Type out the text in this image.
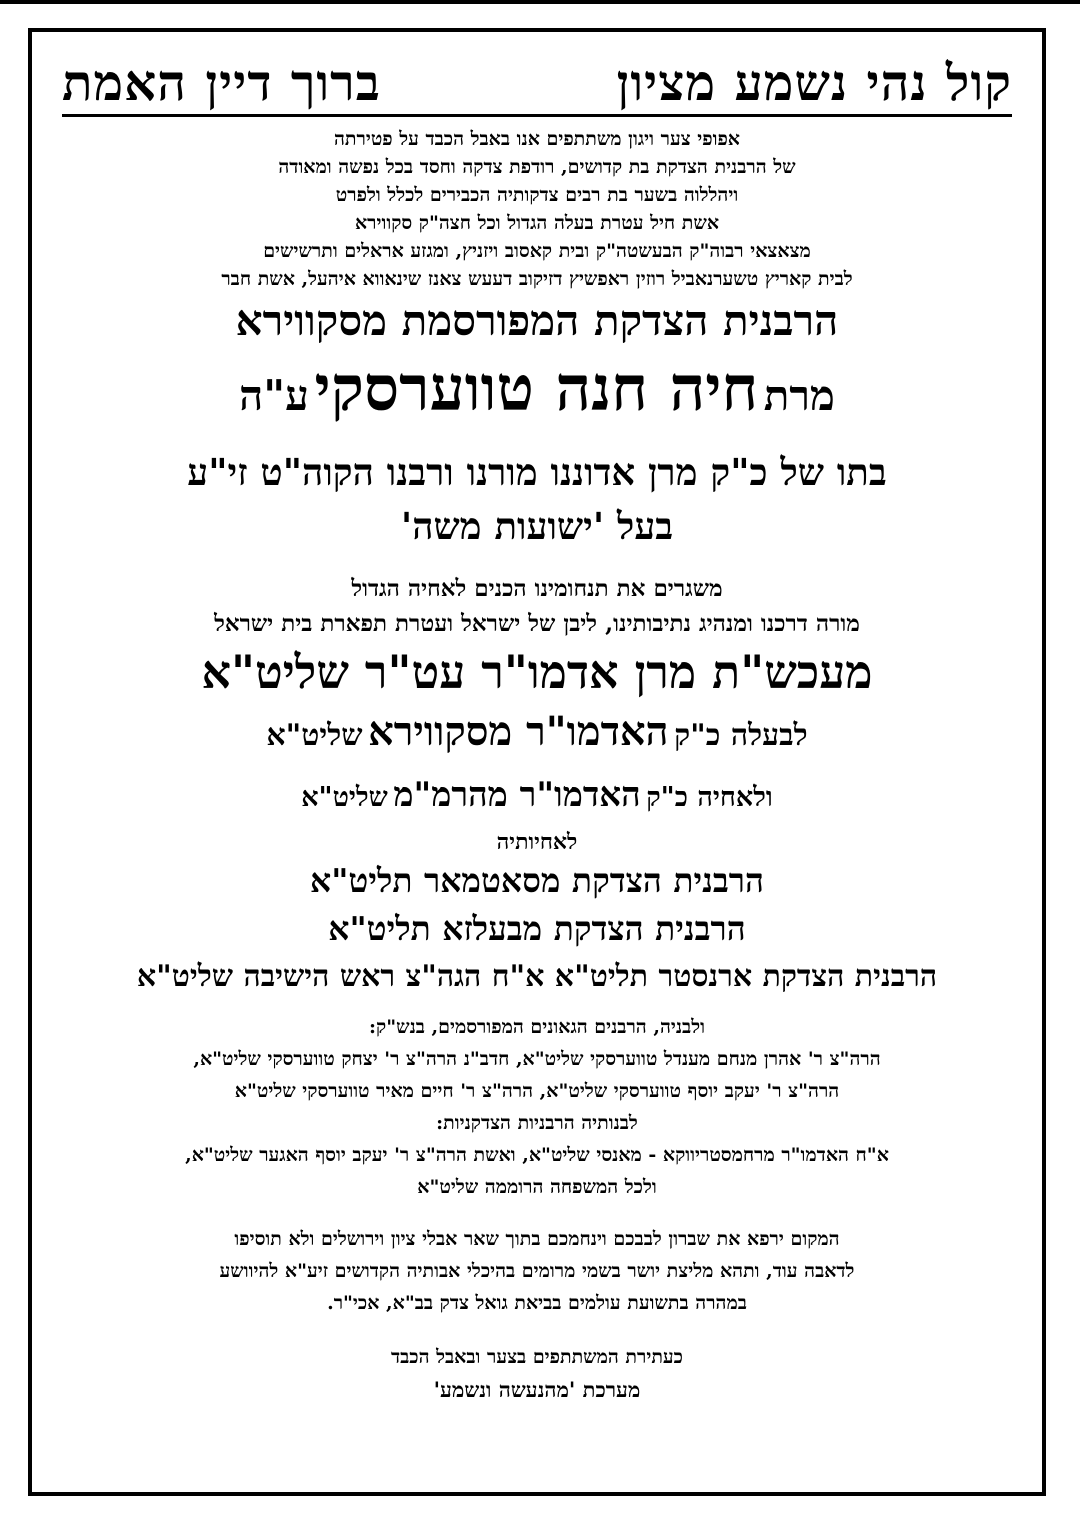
קול נהי נשמע מציון
ברוך דיין האמת
אפופי צער ויגון משתתפים אנו באבל הכבד על פטירתה
של הרבנית הצדקת בת קדושים, רודפת צדקה וחסד בכל נפשה ומאודה
ויהללוה בשער בת רבים צדקותיה הכבירים לכלל ולפרט
אשת חיל עטרת בעלה הגדול וכל חצה"ק סקווירא
מצאצאי רבוה"ק הבעשטה"ק ובית קאסוב ויזניץ, ומגזע אראלים ותרשישים
לבית קאריץ טשערנאביל רוזין ראפשיץ דזיקוב דעעש צאנז שינאווא איהעל, אשת חבר
הרבנית הצדקת המפורסמת מסקווירא
מרת חיה חנה טווערסקי ע"ה
בתו של כ"ק מרן אדוננו מורנו ורבנו הקוה"ט זי"ע
בעל 'ישועות משה'
משגרים את תנחומינו הכנים לאחיה הגדול
מורה דרכנו ומנהיג נתיבותינו, ליבן של ישראל ועטרת תפארת בית ישראל
מעכש"ת מרן אדמו"ר עט"ר שליט"א
לבעלה כ"ק האדמו"ר מסקווירא שליט"א
ולאחיה כ"ק האדמו"ר מהרמ"מ שליט"א
לאחיותיה
הרבנית הצדקת מסאטמאר תליט"א
הרבנית הצדקת מבעלזא תליט"א
הרבנית הצדקת ארנסטר תליט"א א"ח הגה"צ ראש הישיבה שליט"א
ולבניה, הרבנים הגאונים המפורסמים, בנש"ק:
הרה"צ ר' אהרן מנחם מענדל טווערסקי שליט"א, חדב"נ הרה"צ ר' יצחק טווערסקי שליט"א,
הרה"צ ר' יעקב יוסף טווערסקי שליט"א, הרה"צ ר' חיים מאיר טווערסקי שליט"א
לבנותיה הרבניות הצדקניות:
א"ח האדמו"ר מרחמסטריווקא - מאנסי שליט"א, ואשת הרה"צ ר' יעקב יוסף האגער שליט"א,
ולכל המשפחה הרוממה שליט"א
המקום ירפא את שברון לבבכם וינחמכם בתוך שאר אבלי ציון וירושלים ולא תוסיפו
לדאבה עוד, ותהא מליצת יושר בשמי מרומים בהיכלי אבותיה הקדושים זיע"א להיוושע
במהרה בתשועת עולמים בביאת גואל צדק בב"א, אכי"ר.
כעתירת המשתתפים בצער ובאבל הכבד
מערכת 'מהנעשה ונשמע'
